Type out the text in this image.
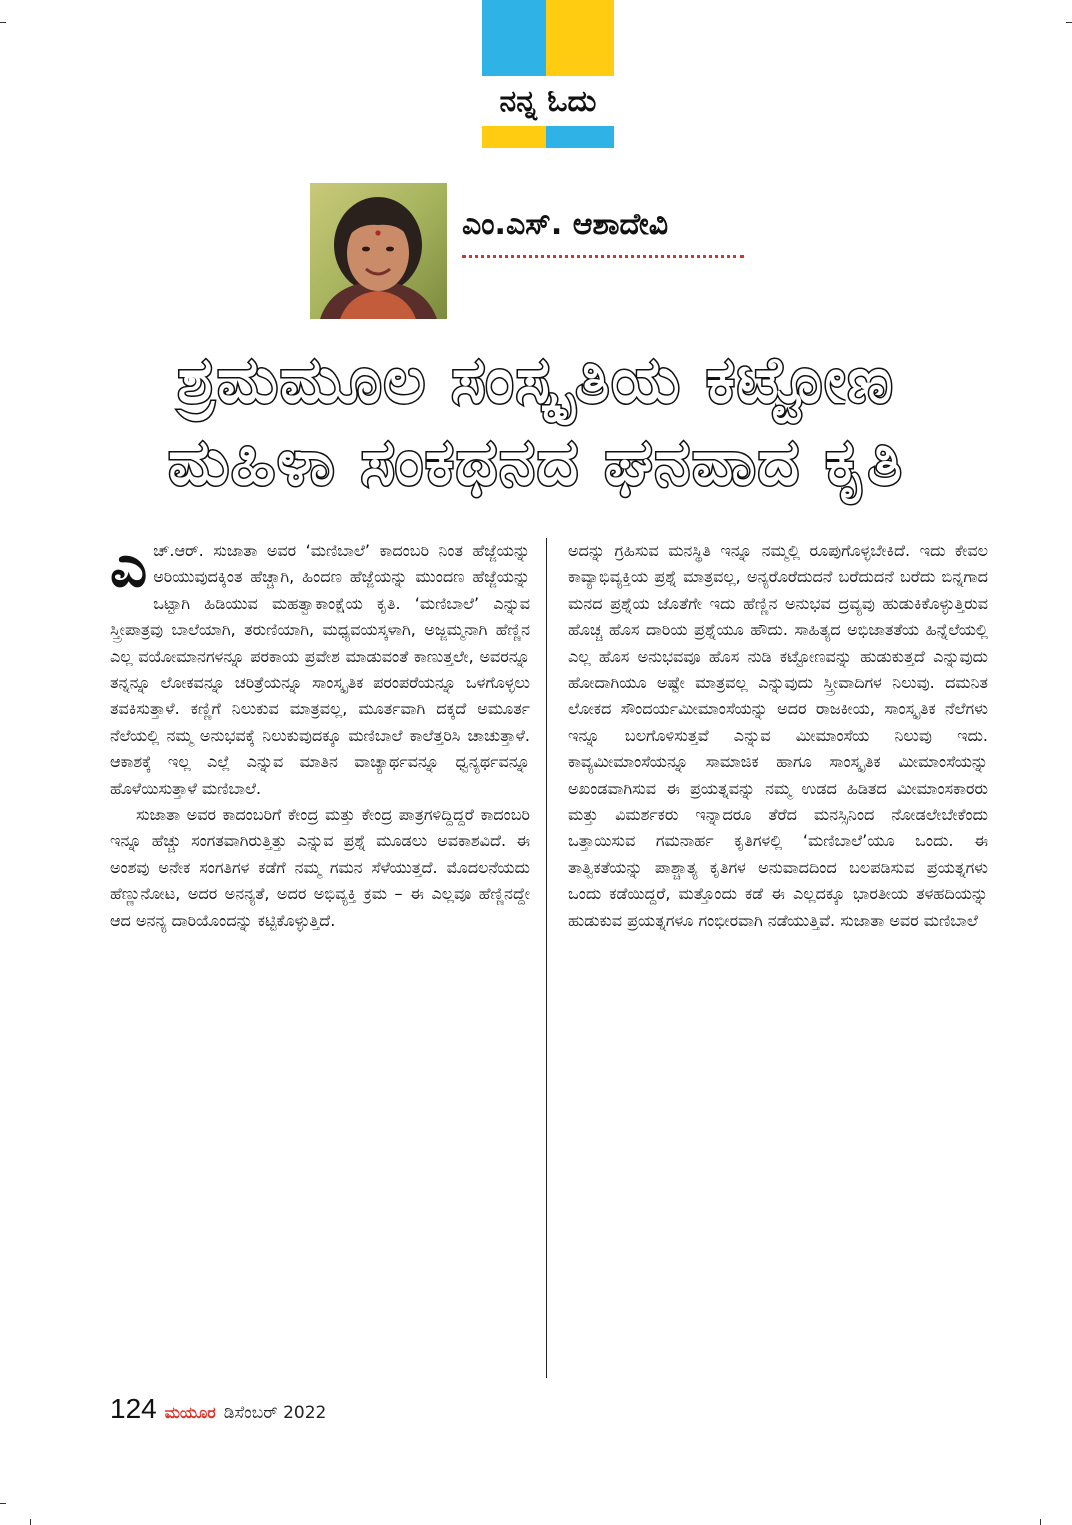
ನನ್ನ ಓದು
ಎಂ.ಎಸ್. ಆಶಾದೇವಿ
ಶ್ರಮಮೂಲ ಸಂಸ್ಕೃತಿಯ ಕಟ್ಟೋಣ
ಮಹಿಳಾ ಸಂಕಥನದ ಘನವಾದ ಕೃತಿ

ಎಚ್.ಆರ್. ಸುಜಾತಾ ಅವರ ‘ಮಣಿಬಾಲೆ’ ಕಾದಂಬರಿ ನಿಂತ ಹೆಜ್ಜೆಯನ್ನು ಅರಿಯುವುದಕ್ಕಿಂತ ಹೆಚ್ಚಾಗಿ, ಹಿಂದಣ ಹೆಜ್ಜೆಯನ್ನು ಮುಂದಣ ಹೆಜ್ಜೆಯನ್ನು ಒಟ್ಟಾಗಿ ಹಿಡಿಯುವ ಮಹತ್ವಾಕಾಂಕ್ಷೆಯ ಕೃತಿ. ‘ಮಣಿಬಾಲೆ’ ಎನ್ನುವ ಸ್ತ್ರೀಪಾತ್ರವು ಬಾಲೆಯಾಗಿ, ತರುಣಿಯಾಗಿ, ಮಧ್ಯವಯಸ್ಕಳಾಗಿ, ಅಜ್ಜಮ್ಮನಾಗಿ ಹೆಣ್ಣಿನ ಎಲ್ಲ ವಯೋಮಾನಗಳನ್ನೂ ಪರಕಾಯ ಪ್ರವೇಶ ಮಾಡುವಂತೆ ಕಾಣುತ್ತಲೇ, ಅವರನ್ನೂ ತನ್ನನ್ನೂ ಲೋಕವನ್ನೂ ಚರಿತ್ರೆಯನ್ನೂ ಸಾಂಸ್ಕೃತಿಕ ಪರಂಪರೆಯನ್ನೂ ಒಳಗೊಳ್ಳಲು ತವಕಿಸುತ್ತಾಳೆ. ಕಣ್ಣಿಗೆ ನಿಲುಕುವ ಮಾತ್ರವಲ್ಲ, ಮೂರ್ತವಾಗಿ ದಕ್ಕದೆ ಅಮೂರ್ತ ನೆಲೆಯಲ್ಲಿ ನಮ್ಮ ಅನುಭವಕ್ಕೆ ನಿಲುಕುವುದಕ್ಕೂ ಮಣಿಬಾಲೆ ಕಾಲೆತ್ತರಿಸಿ ಚಾಚುತ್ತಾಳೆ. ಆಕಾಶಕ್ಕೆ ಇಲ್ಲ ಎಲ್ಲೆ ಎನ್ನುವ ಮಾತಿನ ವಾಚ್ಯಾರ್ಥವನ್ನೂ ಧ್ವನ್ಯರ್ಥವನ್ನೂ ಹೊಳೆಯಿಸುತ್ತಾಳೆ ಮಣಿಬಾಲೆ.

ಸುಜಾತಾ ಅವರ ಕಾದಂಬರಿಗೆ ಕೇಂದ್ರ ಮತ್ತು ಕೇಂದ್ರ ಪಾತ್ರಗಳಿದ್ದಿದ್ದರೆ ಕಾದಂಬರಿ ಇನ್ನೂ ಹೆಚ್ಚು ಸಂಗತವಾಗಿರುತ್ತಿತ್ತು ಎನ್ನುವ ಪ್ರಶ್ನೆ ಮೂಡಲು ಅವಕಾಶವಿದೆ. ಈ ಅಂಶವು ಅನೇಕ ಸಂಗತಿಗಳ ಕಡೆಗೆ ನಮ್ಮ ಗಮನ ಸೆಳೆಯುತ್ತದೆ. ಮೊದಲನೆಯದು ಹೆಣ್ಣುನೋಟ, ಅದರ ಅನನ್ಯತೆ, ಅದರ ಅಭಿವ್ಯಕ್ತಿ ಕ್ರಮ – ಈ ಎಲ್ಲವೂ ಹೆಣ್ಣಿನದ್ದೇ ಆದ ಅನನ್ಯ ದಾರಿಯೊಂದನ್ನು ಕಟ್ಟಿಕೊಳ್ಳುತ್ತಿದೆ.

ಅದನ್ನು ಗ್ರಹಿಸುವ ಮನಸ್ಥಿತಿ ಇನ್ನೂ ನಮ್ಮಲ್ಲಿ ರೂಪುಗೊಳ್ಳಬೇಕಿದೆ. ಇದು ಕೇವಲ ಕಾವ್ಯಾಭಿವ್ಯಕ್ತಿಯ ಪ್ರಶ್ನೆ ಮಾತ್ರವಲ್ಲ, ಅನ್ಯರೊರೆದುದನೆ ಬರೆದುದನೆ ಬರೆದು ಬಿನ್ನಗಾದ ಮನದ ಪ್ರಶ್ನೆಯ ಜೊತೆಗೇ ಇದು ಹೆಣ್ಣಿನ ಅನುಭವ ದ್ರವ್ಯವು ಹುಡುಕಿಕೊಳ್ಳುತ್ತಿರುವ ಹೊಚ್ಚ ಹೊಸ ದಾರಿಯ ಪ್ರಶ್ನೆಯೂ ಹೌದು. ಸಾಹಿತ್ಯದ ಅಭಿಜಾತತೆಯ ಹಿನ್ನೆಲೆಯಲ್ಲಿ ಎಲ್ಲ ಹೊಸ ಅನುಭವವೂ ಹೊಸ ನುಡಿ ಕಟ್ಟೋಣವನ್ನು ಹುಡುಕುತ್ತದೆ ಎನ್ನುವುದು ಹೋದಾಗಿಯೂ ಅಷ್ಟೇ ಮಾತ್ರವಲ್ಲ ಎನ್ನುವುದು ಸ್ತ್ರೀವಾದಿಗಳ ನಿಲುವು. ದಮನಿತ ಲೋಕದ ಸೌಂದರ್ಯಮೀಮಾಂಸೆಯನ್ನು ಅದರ ರಾಜಕೀಯ, ಸಾಂಸ್ಕೃತಿಕ ನೆಲೆಗಳು ಇನ್ನೂ ಬಲಗೊಳಿಸುತ್ತವೆ ಎನ್ನುವ ಮೀಮಾಂಸೆಯ ನಿಲುವು ಇದು. ಕಾವ್ಯಮೀಮಾಂಸೆಯನ್ನೂ ಸಾಮಾಜಿಕ ಹಾಗೂ ಸಾಂಸ್ಕೃತಿಕ ಮೀಮಾಂಸೆಯನ್ನು ಅಖಂಡವಾಗಿಸುವ ಈ ಪ್ರಯತ್ನವನ್ನು ನಮ್ಮ ಉಡದ ಹಿಡಿತದ ಮೀಮಾಂಸಕಾರರು ಮತ್ತು ವಿಮರ್ಶಕರು ಇನ್ನಾದರೂ ತೆರೆದ ಮನಸ್ಸಿನಿಂದ ನೋಡಲೇಬೇಕೆಂದು ಒತ್ತಾಯಿಸುವ ಗಮನಾರ್ಹ ಕೃತಿಗಳಲ್ಲಿ ‘ಮಣಿಬಾಲೆ’ಯೂ ಒಂದು. ಈ ತಾತ್ವಿಕತೆಯನ್ನು ಪಾಶ್ಚಾತ್ಯ ಕೃತಿಗಳ ಅನುವಾದದಿಂದ ಬಲಪಡಿಸುವ ಪ್ರಯತ್ನಗಳು ಒಂದು ಕಡೆಯಿದ್ದರೆ, ಮತ್ತೊಂದು ಕಡೆ ಈ ಎಲ್ಲದಕ್ಕೂ ಭಾರತೀಯ ತಳಹದಿಯನ್ನು ಹುಡುಕುವ ಪ್ರಯತ್ನಗಳೂ ಗಂಭೀರವಾಗಿ ನಡೆಯುತ್ತಿವೆ. ಸುಜಾತಾ ಅವರ ಮಣಿಬಾಲೆ

124 ಮಯೂರ ಡಿಸೆಂಬರ್ 2022
